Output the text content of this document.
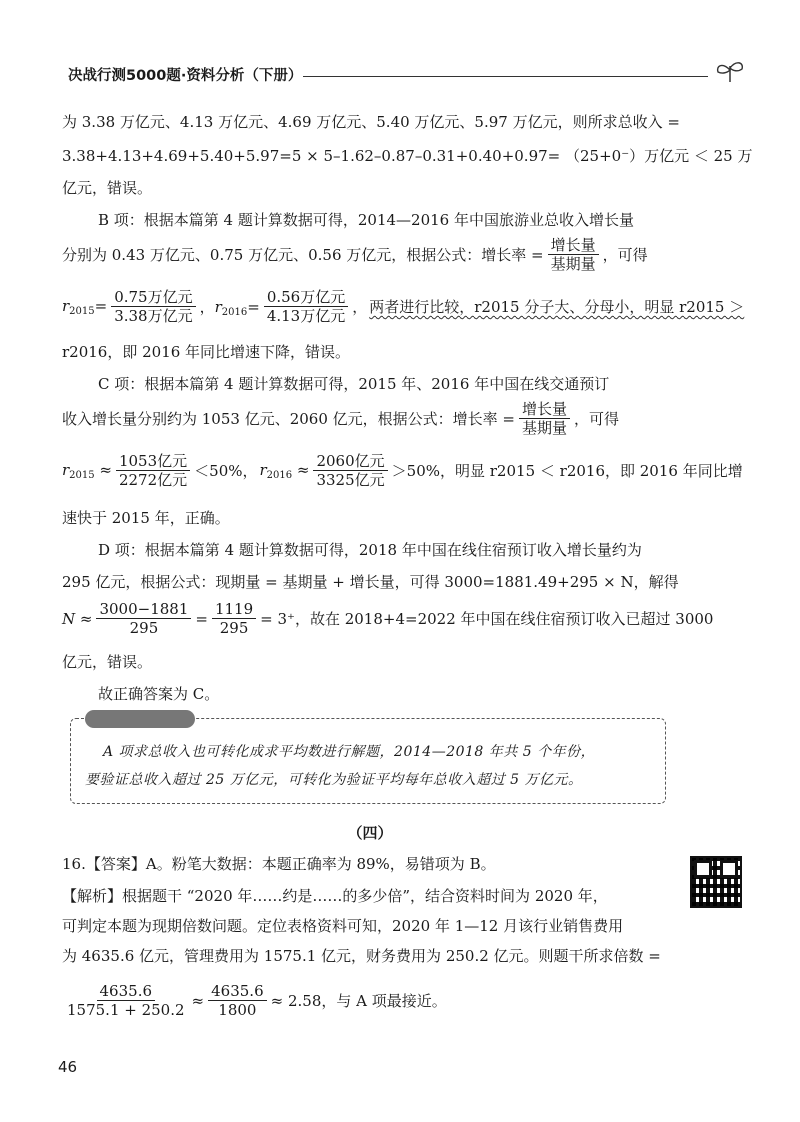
决战行测5000题·资料分析（下册）
为 3.38 万亿元、4.13 万亿元、4.69 万亿元、5.40 万亿元、5.97 万亿元，则所求总收入 =
3.38+4.13+4.69+5.40+5.97=5 × 5–1.62–0.87–0.31+0.40+0.97= （25+0⁻）万亿元 ＜ 25 万
亿元，错误。
B 项：根据本篇第 4 题计算数据可得，2014—2016 年中国旅游业总收入增长量
分别为 0.43 万亿元、0.75 万亿元、0.56 万亿元，根据公式：增长率 = $\frac{\text{增长量}}{\text{基期量}}$ ，可得
$r_{2015}= \frac{\text{0.75万亿元}}{\text{3.38万亿元}}$ ，$r_{2016}= \frac{\text{0.56万亿元}}{\text{4.13万亿元}}$ ， 两者进行比较，r2015 分子大、分母小，明显 r2015 ＞
r2016，即 2016 年同比增速下降，错误。
C 项：根据本篇第 4 题计算数据可得，2015 年、2016 年中国在线交通预订
收入增长量分别约为 1053 亿元、2060 亿元，根据公式：增长率 = $\frac{\text{增长量}}{\text{基期量}}$ ，可得
$r_{2015} \approx \frac{\text{1053亿元}}{\text{2272亿元}} <50\%$， $r_{2016} \approx \frac{\text{2060亿元}}{\text{3325亿元}} >50\%$，明显 r2015 ＜ r2016，即 2016 年同比增
速快于 2015 年，正确。
D 项：根据本篇第 4 题计算数据可得，2018 年中国在线住宿预订收入增长量约为
295 亿元，根据公式：现期量 = 基期量 + 增长量，可得 3000=1881.49+295 × N，解得
$N \approx \frac{3000-1881}{295} = \frac{1119}{295} = 3^+$，故在 2018+4=2022 年中国在线住宿预订收入已超过 3000
亿元，错误。
故正确答案为 C。
A 项求总收入也可转化成求平均数进行解题，2014—2018 年共 5 个年份，
要验证总收入超过 25 万亿元，可转化为验证平均每年总收入超过 5 万亿元。
（四）
16.【答案】A。粉笔大数据：本题正确率为 89%，易错项为 B。
【解析】根据题干 “2020 年……约是……的多少倍”，结合资料时间为 2020 年，
可判定本题为现期倍数问题。定位表格资料可知，2020 年 1—12 月该行业销售费用
为 4635.6 亿元，管理费用为 1575.1 亿元，财务费用为 250.2 亿元。则题干所求倍数 =
$\frac{4635.6}{1575.1 + 250.2} \approx \frac{4635.6}{1800} \approx 2.58$，与 A 项最接近。
46
